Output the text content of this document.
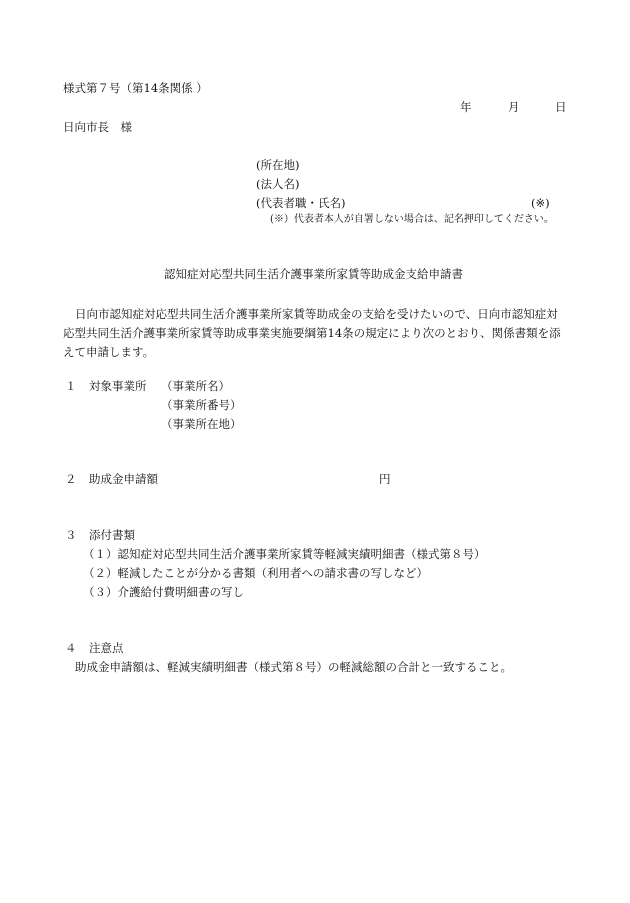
様式第７号（第14条関係 ）
年	月	日
日向市長　様
(所在地)
(法人名)
(代表者職・氏名)	(※)
(※）代表者本人が自署しない場合は、記名押印してください。
認知症対応型共同生活介護事業所家賃等助成金支給申請書
日向市認知症対応型共同生活介護事業所家賃等助成金の支給を受けたいので、日向市認知症対
応型共同生活介護事業所家賃等助成事業実施要綱第14条の規定により次のとおり、関係書類を添
えて申請します。
１ 対象事業所 （事業所名）
（事業所番号）
（事業所在地）
２ 助成金申請額	円
３ 添付書類
（１）認知症対応型共同生活介護事業所家賃等軽減実績明細書（様式第８号）
（２）軽減したことが分かる書類（利用者への請求書の写しなど）
（３）介護給付費明細書の写し
４ 注意点
助成金申請額は、軽減実績明細書（様式第８号）の軽減総額の合計と一致すること。
